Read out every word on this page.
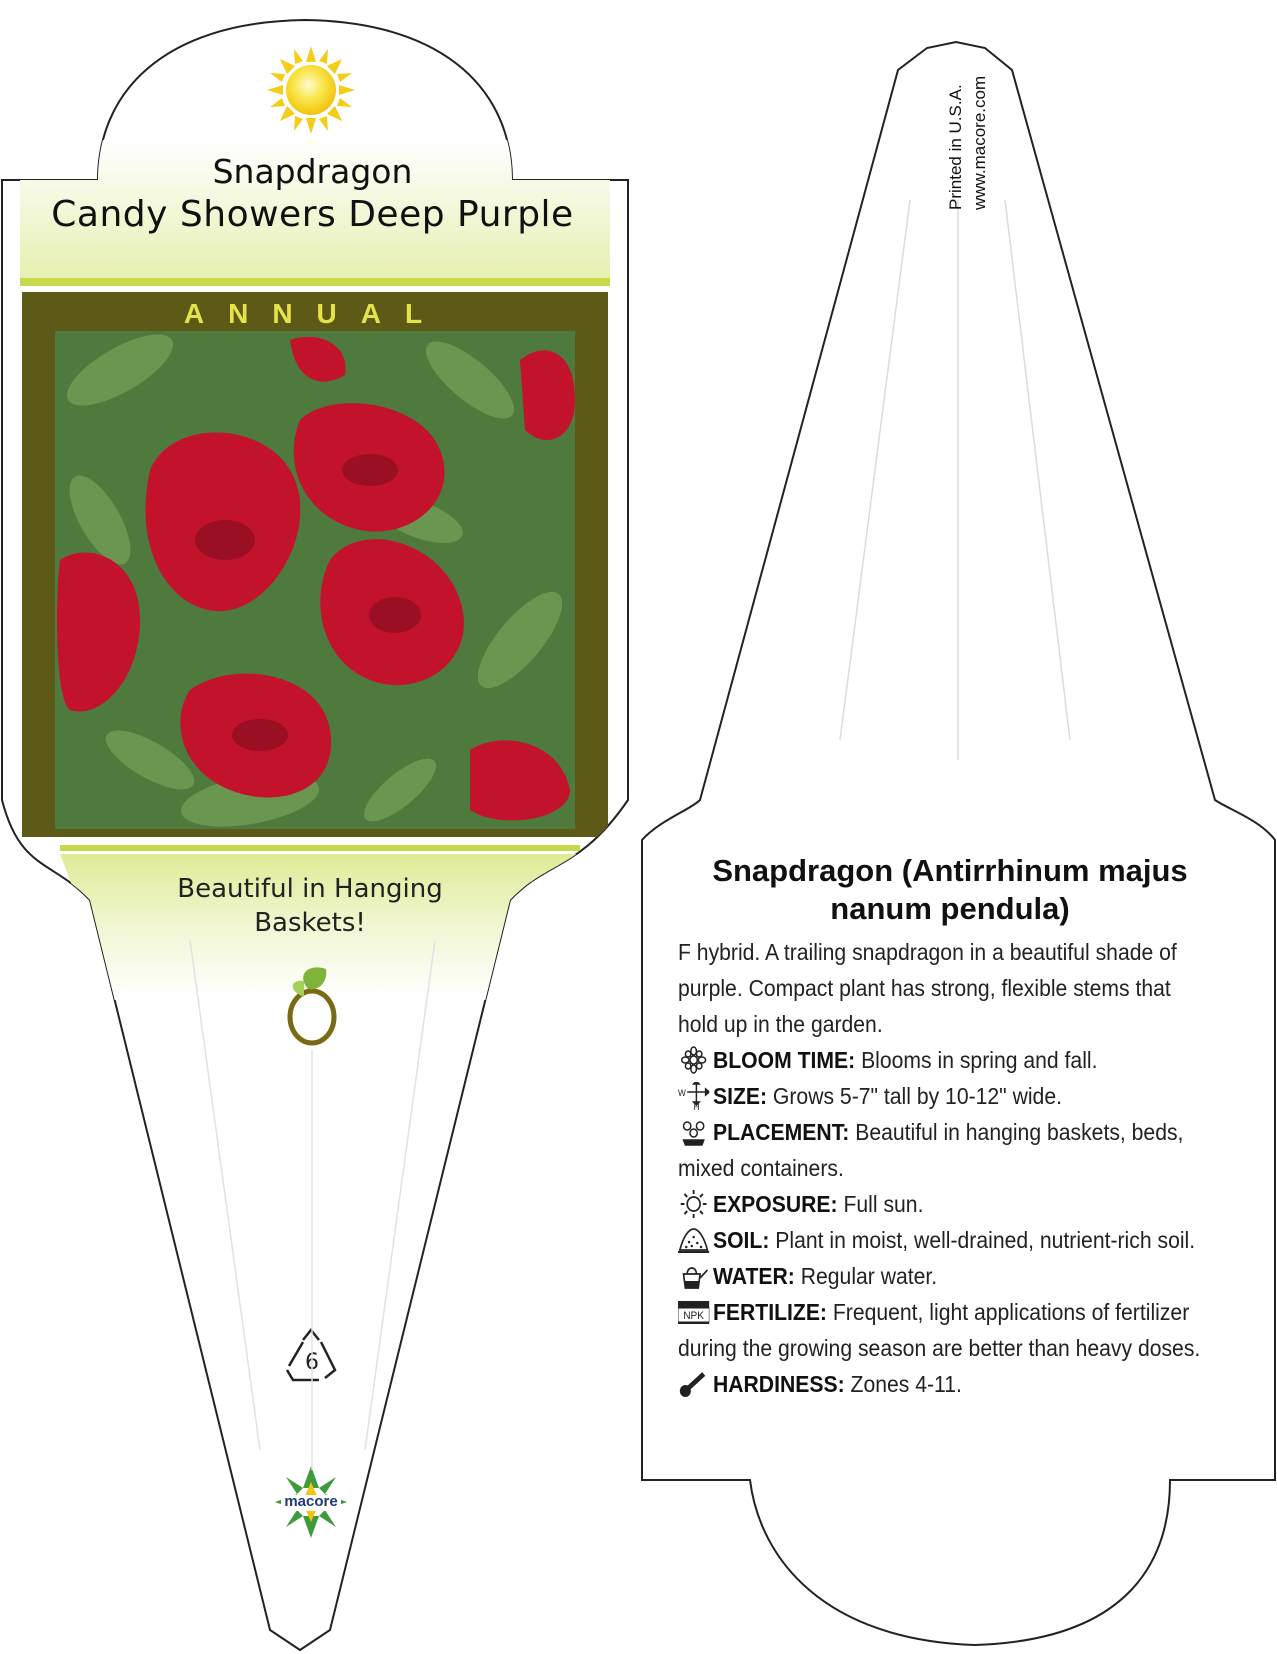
Snapdragon
Candy Showers Deep Purple
ANNUAL
Beautiful in Hanging Baskets!
6
macore
Printed in U.S.A. www.macore.com
Snapdragon (Antirrhinum majus nanum pendula)

F hybrid. A trailing snapdragon in a beautiful shade of purple. Compact plant has strong, flexible stems that hold up in the garden.

BLOOM TIME: Blooms in spring and fall.
W
H SIZE: Grows 5-7" tall by 10-12" wide.
PLACEMENT: Beautiful in hanging baskets, beds, mixed containers.
EXPOSURE: Full sun.
SOIL: Plant in moist, well-drained, nutrient-rich soil.
WATER: Regular water.
NPK FERTILIZE: Frequent, light applications of fertilizer during the growing season are better than heavy doses.
HARDINESS: Zones 4-11.
